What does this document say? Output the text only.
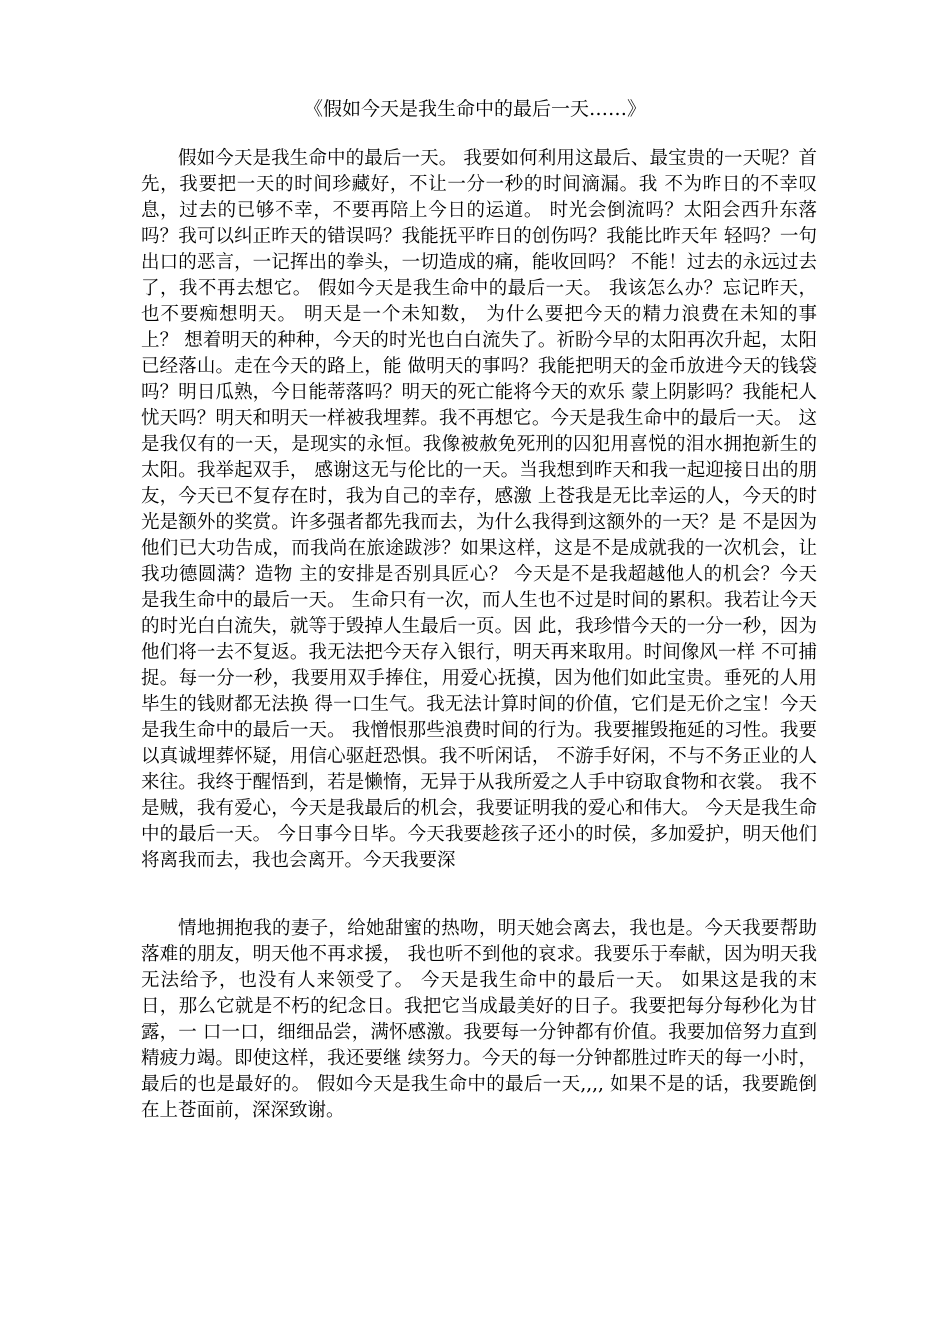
《假如今天是我生命中的最后一天……》

假如今天是我生命中的最后一天。 我要如何利用这最后、最宝贵的一天呢？首先，我要把一天的时间珍藏好，不让一分一秒的时间滴漏。我 不为昨日的不幸叹息，过去的已够不幸，不要再陪上今日的运道。 时光会倒流吗？太阳会西升东落吗？我可以纠正昨天的错误吗？我能抚平昨日的创伤吗？我能比昨天年 轻吗？一句出口的恶言，一记挥出的拳头，一切造成的痛，能收回吗？ 不能！过去的永远过去了，我不再去想它。 假如今天是我生命中的最后一天。 我该怎么办？忘记昨天， 也不要痴想明天。 明天是一个未知数， 为什么要把今天的精力浪费在未知的事上？ 想着明天的种种，今天的时光也白白流失了。祈盼今早的太阳再次升起，太阳已经落山。走在今天的路上，能 做明天的事吗？我能把明天的金币放进今天的钱袋吗？明日瓜熟，今日能蒂落吗？明天的死亡能将今天的欢乐 蒙上阴影吗？我能杞人忧天吗？明天和明天一样被我埋葬。我不再想它。今天是我生命中的最后一天。 这是我仅有的一天，是现实的永恒。我像被赦免死刑的囚犯用喜悦的泪水拥抱新生的太阳。我举起双手， 感谢这无与伦比的一天。当我想到昨天和我一起迎接日出的朋友，今天已不复存在时，我为自己的幸存，感激 上苍我是无比幸运的人，今天的时光是额外的奖赏。许多强者都先我而去，为什么我得到这额外的一天？是 不是因为他们已大功告成，而我尚在旅途跋涉？如果这样，这是不是成就我的一次机会，让我功德圆满？造物 主的安排是否别具匠心？ 今天是不是我超越他人的机会？今天是我生命中的最后一天。 生命只有一次，而人生也不过是时间的累积。我若让今天的时光白白流失，就等于毁掉人生最后一页。因 此，我珍惜今天的一分一秒，因为他们将一去不复返。我无法把今天存入银行，明天再来取用。时间像风一样 不可捕捉。每一分一秒，我要用双手捧住，用爱心抚摸，因为他们如此宝贵。垂死的人用毕生的钱财都无法换 得一口生气。我无法计算时间的价值，它们是无价之宝！今天是我生命中的最后一天。 我憎恨那些浪费时间的行为。我要摧毁拖延的习性。我要以真诚埋葬怀疑，用信心驱赶恐惧。我不听闲话， 不游手好闲，不与不务正业的人来往。我终于醒悟到，若是懒惰，无异于从我所爱之人手中窃取食物和衣裳。 我不是贼，我有爱心，今天是我最后的机会，我要证明我的爱心和伟大。 今天是我生命中的最后一天。 今日事今日毕。今天我要趁孩子还小的时侯，多加爱护，明天他们将离我而去，我也会离开。今天我要深

情地拥抱我的妻子，给她甜蜜的热吻，明天她会离去，我也是。今天我要帮助落难的朋友，明天他不再求援， 我也听不到他的哀求。我要乐于奉献，因为明天我无法给予，也没有人来领受了。 今天是我生命中的最后一天。 如果这是我的末日，那么它就是不朽的纪念日。我把它当成最美好的日子。我要把每分每秒化为甘露，一 口一口，细细品尝，满怀感激。我要每一分钟都有价值。我要加倍努力直到精疲力竭。即使这样，我还要继 续努力。今天的每一分钟都胜过昨天的每一小时，最后的也是最好的。 假如今天是我生命中的最后一天,,,, 如果不是的话，我要跪倒在上苍面前，深深致谢。
